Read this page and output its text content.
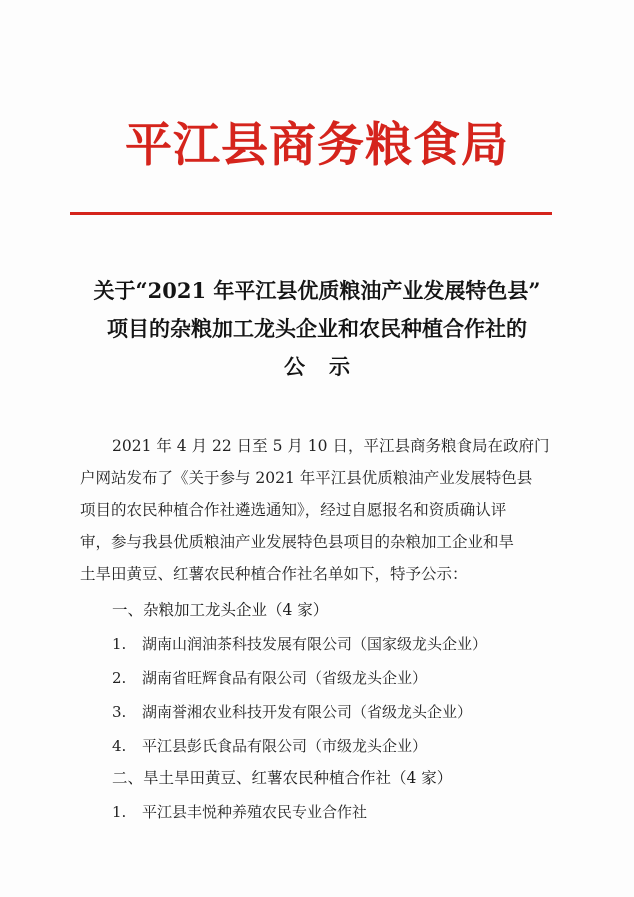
平江县商务粮食局
关于“2021 年平江县优质粮油产业发展特色县”
项目的杂粮加工龙头企业和农民种植合作社的
公示
2021 年 4 月 22 日至 5 月 10 日，平江县商务粮食局在政府门
户网站发布了《关于参与 2021 年平江县优质粮油产业发展特色县
项目的农民种植合作社遴选通知》，经过自愿报名和资质确认评
审，参与我县优质粮油产业发展特色县项目的杂粮加工企业和旱
土旱田黄豆、红薯农民种植合作社名单如下，特予公示：
一、杂粮加工龙头企业（4 家）
1. 湖南山润油茶科技发展有限公司（国家级龙头企业）
2. 湖南省旺辉食品有限公司（省级龙头企业）
3. 湖南誉湘农业科技开发有限公司（省级龙头企业）
4. 平江县彭氏食品有限公司（市级龙头企业）
二、旱土旱田黄豆、红薯农民种植合作社（4 家）
1. 平江县丰悦种养殖农民专业合作社
